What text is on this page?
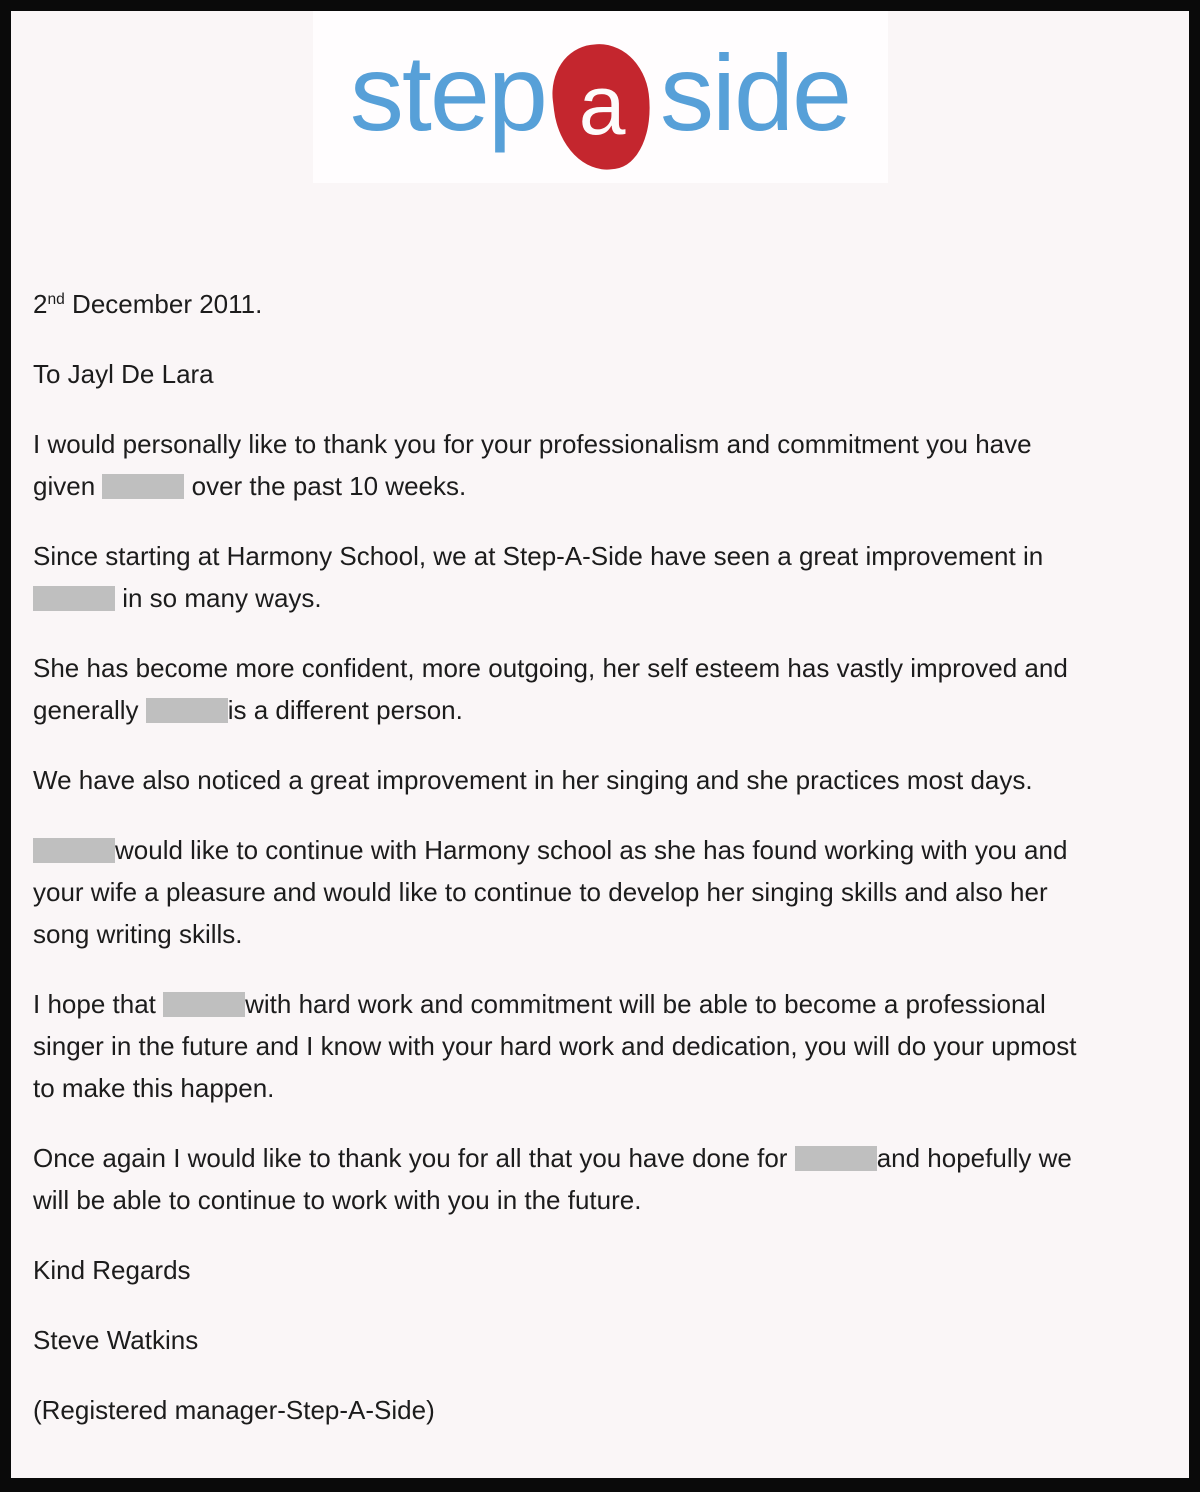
step a side

2nd December 2011.

To Jayl De Lara

I would personally like to thank you for your professionalism and commitment you have
given	over the past 10 weeks.

Since starting at Harmony School, we at Step-A-Side have seen a great improvement in
in so many ways.

She has become more confident, more outgoing, her self esteem has vastly improved and
generally	is a different person.

We have also noticed a great improvement in her singing and she practices most days.

would like to continue with Harmony school as she has found working with you and
your wife a pleasure and would like to continue to develop her singing skills and also her
song writing skills.

I hope that	with hard work and commitment will be able to become a professional
singer in the future and I know with your hard work and dedication, you will do your upmost
to make this happen.

Once again I would like to thank you for all that you have done for	and hopefully we
will be able to continue to work with you in the future.

Kind Regards

Steve Watkins

(Registered manager-Step-A-Side)
